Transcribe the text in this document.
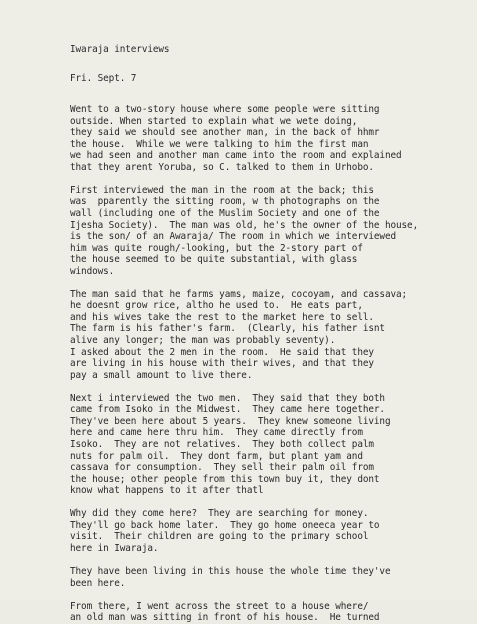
Iwaraja interviews
Fri. Sept. 7
Went to a two-story house where some people were sitting
outside. When started to explain what we wete doing,
they said we should see another man, in the back of hhmr
the house.  While we were talking to him the first man
we had seen and another man came into the room and explained
that they arent Yoruba, so C. talked to them in Urhobo.
First interviewed the man in the room at the back; this
was  pparently the sitting room, w th photographs on the
wall (including one of the Muslim Society and one of the
Ijesha Society).  The man was old, he's the owner of the house,
is the son/ of an Awaraja/ The room in which we interviewed
him was quite rough/-looking, but the 2-story part of
the house seemed to be quite substantial, with glass
windows.
The man said that he farms yams, maize, cocoyam, and cassava;
he doesnt grow rice, altho he used to.  He eats part,
and his wives take the rest to the market here to sell.
The farm is his father's farm.  (Clearly, his father isnt
alive any longer; the man was probably seventy).
I asked about the 2 men in the room.  He said that they
are living in his house with their wives, and that they
pay a small amount to live there.
Next i interviewed the two men.  They said that they both
came from Isoko in the Midwest.  They came here together.
They've been here about 5 years.  They knew someone living
here and came here thru him.  They came directly from
Isoko.  They are not relatives.  They both collect palm
nuts for palm oil.  They dont farm, but plant yam and
cassava for consumption.  They sell their palm oil from
the house; other people from this town buy it, they dont
know what happens to it after thatl
Why did they come here?  They are searching for money.
They'll go back home later.  They go home oneeca year to
visit.  Their children are going to the primary school
here in Iwaraja.
They have been living in this house the whole time they've
been here.
From there, I went across the street to a house where/
an old man was sitting in front of his house.  He turned
